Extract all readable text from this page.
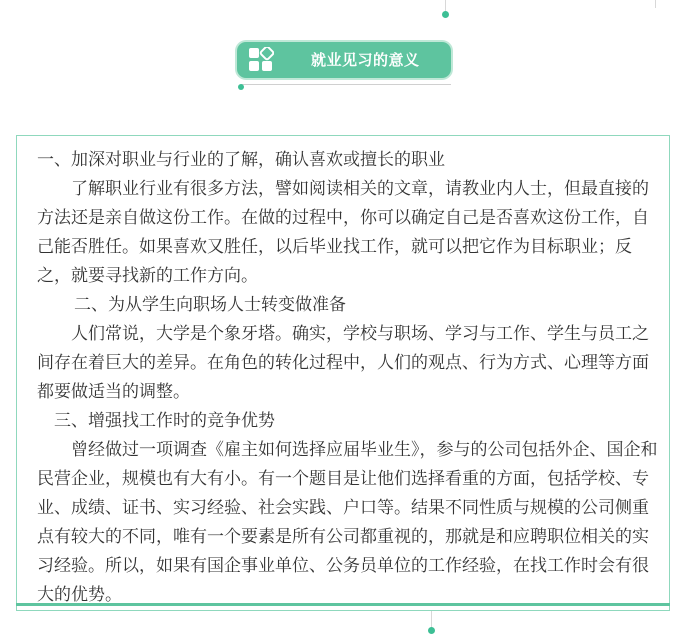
就业见习的意义

一、加深对职业与行业的了解，确认喜欢或擅长的职业

了解职业行业有很多方法，譬如阅读相关的文章，请教业内人士，但最直接的方法还是亲自做这份工作。在做的过程中，你可以确定自己是否喜欢这份工作，自己能否胜任。如果喜欢又胜任，以后毕业找工作，就可以把它作为目标职业；反之，就要寻找新的工作方向。

二、为从学生向职场人士转变做准备

人们常说，大学是个象牙塔。确实，学校与职场、学习与工作、学生与员工之间存在着巨大的差异。在角色的转化过程中，人们的观点、行为方式、心理等方面都要做适当的调整。

三、增强找工作时的竞争优势

曾经做过一项调查《雇主如何选择应届毕业生》，参与的公司包括外企、国企和民营企业，规模也有大有小。有一个题目是让他们选择看重的方面，包括学校、专业、成绩、证书、实习经验、社会实践、户口等。结果不同性质与规模的公司侧重点有较大的不同，唯有一个要素是所有公司都重视的，那就是和应聘职位相关的实习经验。所以，如果有国企事业单位、公务员单位的工作经验，在找工作时会有很大的优势。
